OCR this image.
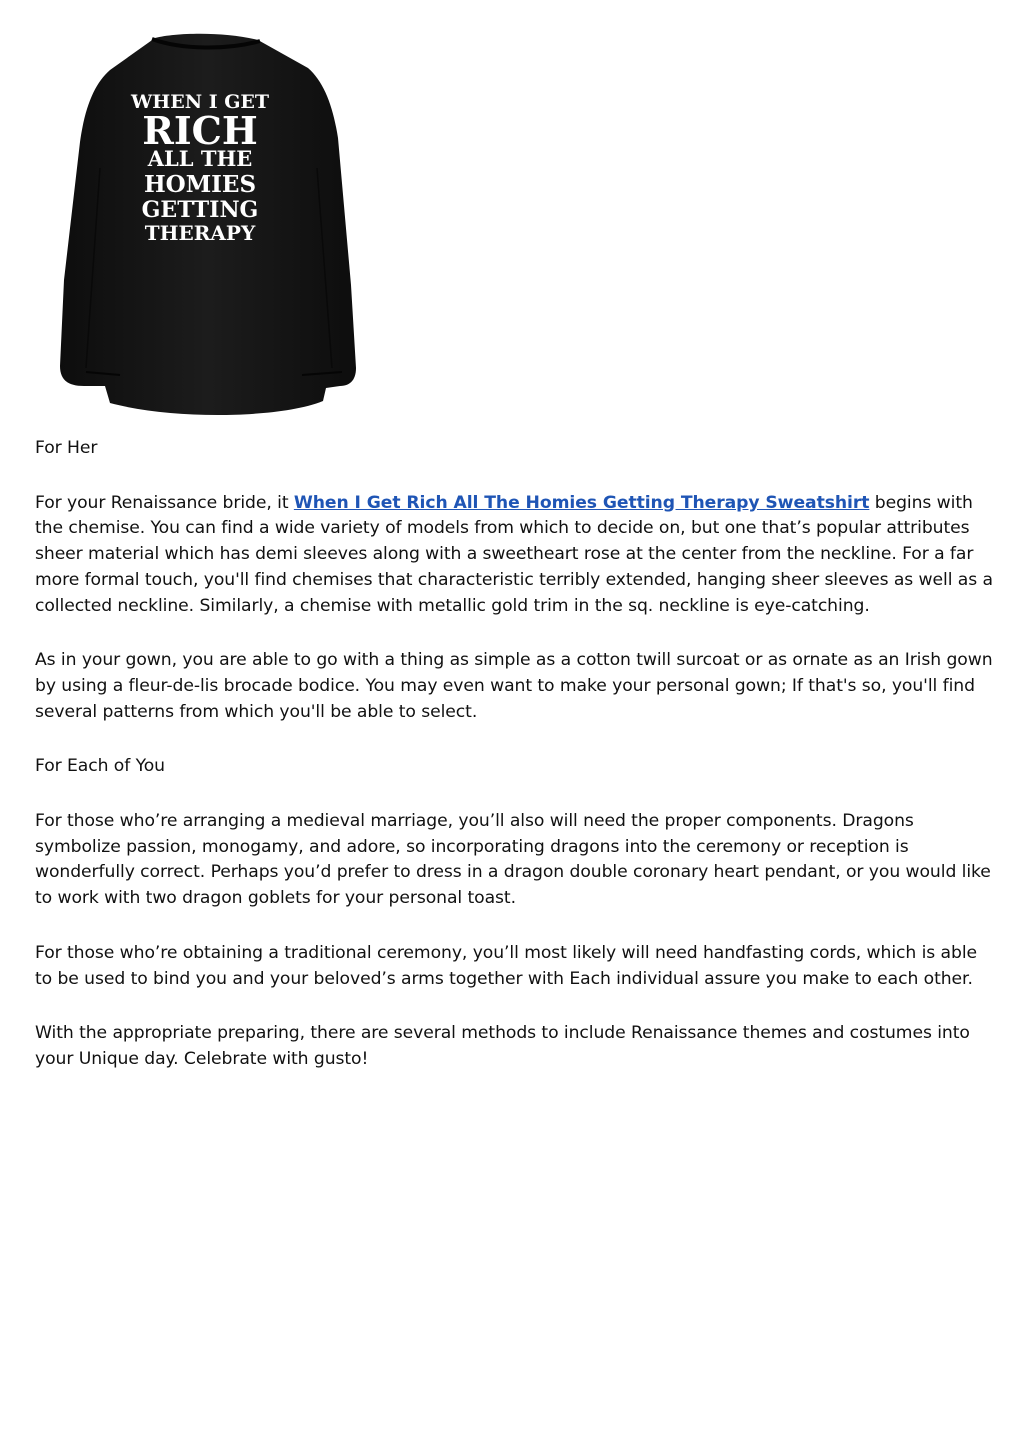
WHEN I GET
RICH
ALL THE
HOMIES
GETTING
THERAPY

For Her

For your Renaissance bride, it When I Get Rich All The Homies Getting Therapy Sweatshirt begins with the chemise. You can find a wide variety of models from which to decide on, but one that’s popular attributes sheer material which has demi sleeves along with a sweetheart rose at the center from the neckline. For a far more formal touch, you'll find chemises that characteristic terribly extended, hanging sheer sleeves as well as a collected neckline. Similarly, a chemise with metallic gold trim in the sq. neckline is eye-catching.

As in your gown, you are able to go with a thing as simple as a cotton twill surcoat or as ornate as an Irish gown by using a fleur-de-lis brocade bodice. You may even want to make your personal gown; If that's so, you'll find several patterns from which you'll be able to select.

For Each of You

For those who’re arranging a medieval marriage, you’ll also will need the proper components. Dragons symbolize passion, monogamy, and adore, so incorporating dragons into the ceremony or reception is wonderfully correct. Perhaps you’d prefer to dress in a dragon double coronary heart pendant, or you would like to work with two dragon goblets for your personal toast.

For those who’re obtaining a traditional ceremony, you’ll most likely will need handfasting cords, which is able to be used to bind you and your beloved’s arms together with Each individual assure you make to each other.

With the appropriate preparing, there are several methods to include Renaissance themes and costumes into your Unique day. Celebrate with gusto!
